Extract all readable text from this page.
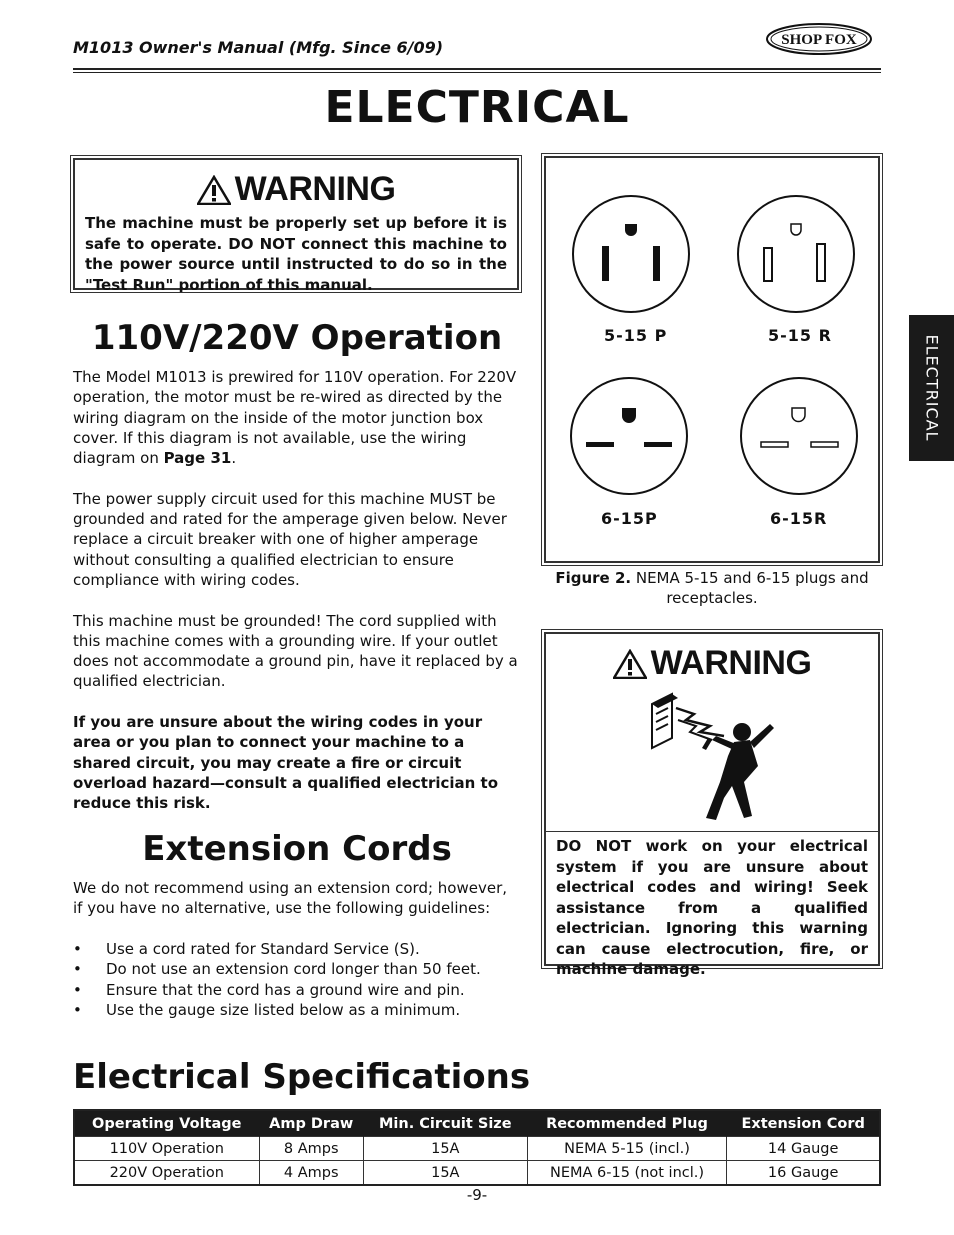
M1013 Owner's Manual (Mfg. Since 6/09)	SHOP FOX
ELECTRICAL
WARNING
The machine must be properly set up before it is safe to operate. DO NOT connect this machine to the power source until instructed to do so in the "Test Run" portion of this manual.
110V/220V Operation

The Model M1013 is prewired for 110V operation. For 220V operation, the motor must be re-wired as directed by the wiring diagram on the inside of the motor junction box cover. If this diagram is not available, use the wiring diagram on Page 31.

The power supply circuit used for this machine MUST be grounded and rated for the amperage given below. Never replace a circuit breaker with one of higher amperage without consulting a qualified electrician to ensure compliance with wiring codes.

This machine must be grounded! The cord supplied with this machine comes with a grounding wire. If your outlet does not accommodate a ground pin, have it replaced by a qualified electrician.

If you are unsure about the wiring codes in your area or you plan to connect your machine to a shared circuit, you may create a fire or circuit overload hazard—consult a qualified electrician to reduce this risk.

Extension Cords
We do not recommend using an extension cord; however, if you have no alternative, use the following guidelines:
• Use a cord rated for Standard Service (S).
• Do not use an extension cord longer than 50 feet.
• Ensure that the cord has a ground wire and pin.
• Use the gauge size listed below as a minimum.
5-15 P	5-15 R
6-15P	6-15R
Figure 2. NEMA 5-15 and 6-15 plugs and receptacles.
WARNING
DO NOT work on your electrical system if you are unsure about electrical codes and wiring! Seek assistance from a qualified electrician. Ignoring this warning can cause electrocution, fire, or machine damage.
ELECTRICAL
Electrical Specifications
Operating Voltage	Amp Draw	Min. Circuit Size	Recommended Plug	Extension Cord
110V Operation	8 Amps	15A	NEMA 5-15 (incl.)	14 Gauge
220V Operation	4 Amps	15A	NEMA 6-15 (not incl.)	16 Gauge
-9-
